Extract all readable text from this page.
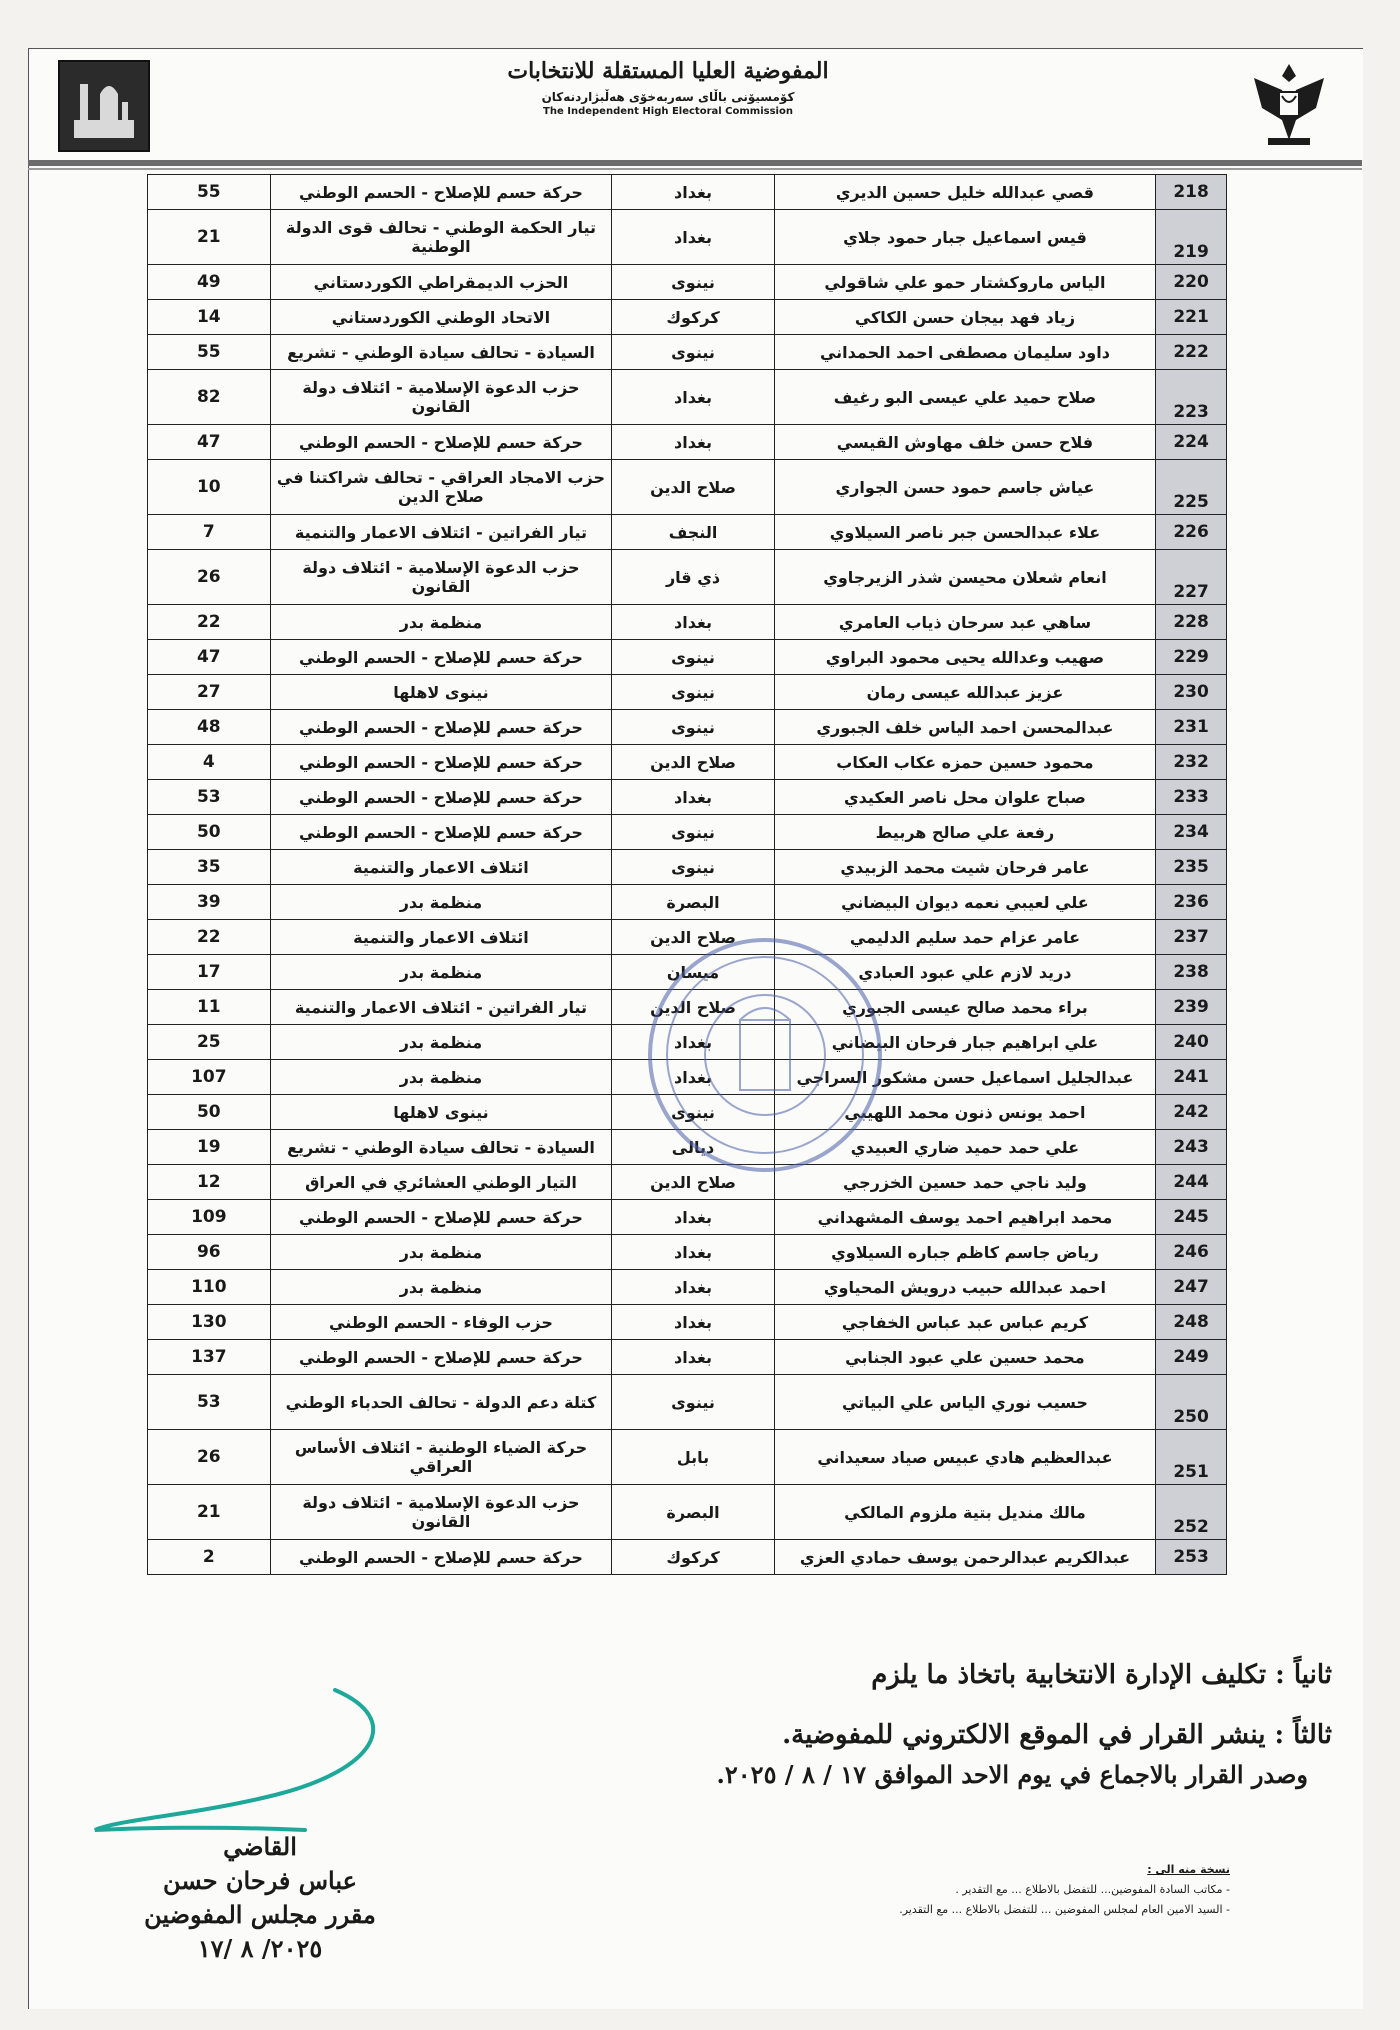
المفوضية العليا المستقلة للانتخابات
كۆمسیۆنی باڵای سەربەخۆی هەڵبژاردنەکان
The Independent High Electoral Commission
218	قصي عبدالله خليل حسين الديري	بغداد	حركة حسم للإصلاح - الحسم الوطني	55
219	قيس اسماعيل جبار حمود جلاي	بغداد	تيار الحكمة الوطني - تحالف قوى الدولة الوطنية	21
220	الياس ماروكشتار حمو علي شاقولي	نينوى	الحزب الديمقراطي الكوردستاني	49
221	زياد فهد بيجان حسن الكاكي	كركوك	الاتحاد الوطني الكوردستاني	14
222	داود سليمان مصطفى احمد الحمداني	نينوى	السيادة - تحالف سيادة الوطني - تشريع	55
223	صلاح حميد علي عيسى البو رغيف	بغداد	حزب الدعوة الإسلامية - ائتلاف دولة القانون	82
224	فلاح حسن خلف مهاوش القيسي	بغداد	حركة حسم للإصلاح - الحسم الوطني	47
225	عياش جاسم حمود حسن الجواري	صلاح الدين	حزب الامجاد العراقي - تحالف شراكتنا في صلاح الدين	10
226	علاء عبدالحسن جبر ناصر السيلاوي	النجف	تيار الفراتين - ائتلاف الاعمار والتنمية	7
227	انعام شعلان محيسن شذر الزيرجاوي	ذي قار	حزب الدعوة الإسلامية - ائتلاف دولة القانون	26
228	ساهي عبد سرحان ذياب العامري	بغداد	منظمة بدر	22
229	صهيب وعدالله يحيى محمود البراوي	نينوى	حركة حسم للإصلاح - الحسم الوطني	47
230	عزيز عبدالله عيسى رمان	نينوى	نينوى لاهلها	27
231	عبدالمحسن احمد الياس خلف الجبوري	نينوى	حركة حسم للإصلاح - الحسم الوطني	48
232	محمود حسين حمزه عكاب العكاب	صلاح الدين	حركة حسم للإصلاح - الحسم الوطني	4
233	صباح علوان محل ناصر العكيدي	بغداد	حركة حسم للإصلاح - الحسم الوطني	53
234	رفعة علي صالح هربيط	نينوى	حركة حسم للإصلاح - الحسم الوطني	50
235	عامر فرحان شيت محمد الزبيدي	نينوى	ائتلاف الاعمار والتنمية	35
236	علي لعيبي نعمه ديوان البيضاني	البصرة	منظمة بدر	39
237	عامر عزام حمد سليم الدليمي	صلاح الدين	ائتلاف الاعمار والتنمية	22
238	دريد لازم علي عبود العبادي	ميسان	منظمة بدر	17
239	براء محمد صالح عيسى الجبوري	صلاح الدين	تيار الفراتين - ائتلاف الاعمار والتنمية	11
240	علي ابراهيم جبار فرحان البيضاني	بغداد	منظمة بدر	25
241	عبدالجليل اسماعيل حسن مشكور السراجي	بغداد	منظمة بدر	107
242	احمد يونس ذنون محمد اللهيبي	نينوى	نينوى لاهلها	50
243	علي حمد حميد ضاري العبيدي	ديالى	السيادة - تحالف سيادة الوطني - تشريع	19
244	وليد ناجي حمد حسين الخزرجي	صلاح الدين	التيار الوطني العشائري في العراق	12
245	محمد ابراهيم احمد يوسف المشهداني	بغداد	حركة حسم للإصلاح - الحسم الوطني	109
246	رياض جاسم كاظم جباره السيلاوي	بغداد	منظمة بدر	96
247	احمد عبدالله حبيب درويش المحياوي	بغداد	منظمة بدر	110
248	كريم عباس عبد عباس الخفاجي	بغداد	حزب الوفاء - الحسم الوطني	130
249	محمد حسين علي عبود الجنابي	بغداد	حركة حسم للإصلاح - الحسم الوطني	137
250	حسيب نوري الياس علي البياتي	نينوى	كتلة دعم الدولة - تحالف الحدباء الوطني	53
251	عبدالعظيم هادي عبيس صياد سعيداني	بابل	حركة الضياء الوطنية - ائتلاف الأساس العراقي	26
252	مالك منديل بتية ملزوم المالكي	البصرة	حزب الدعوة الإسلامية - ائتلاف دولة القانون	21
253	عبدالكريم عبدالرحمن يوسف حمادي العزي	كركوك	حركة حسم للإصلاح - الحسم الوطني	2
ثانياً : تكليف الإدارة الانتخابية باتخاذ ما يلزم
ثالثاً : ينشر القرار في الموقع الالكتروني للمفوضية.
وصدر القرار بالاجماع في يوم الاحد الموافق ١٧ / ٨ / ٢٠٢٥.
القاضي
عباس فرحان حسن
مقرر مجلس المفوضين
٢٠٢٥/ ٨ /١٧
نسخة منه الى :
- مكاتب السادة المفوضين... للتفضل بالاطلاع ... مع التقدير .
- السيد الامين العام لمجلس المفوضين ... للتفضل بالاطلاع ... مع التقدير.
